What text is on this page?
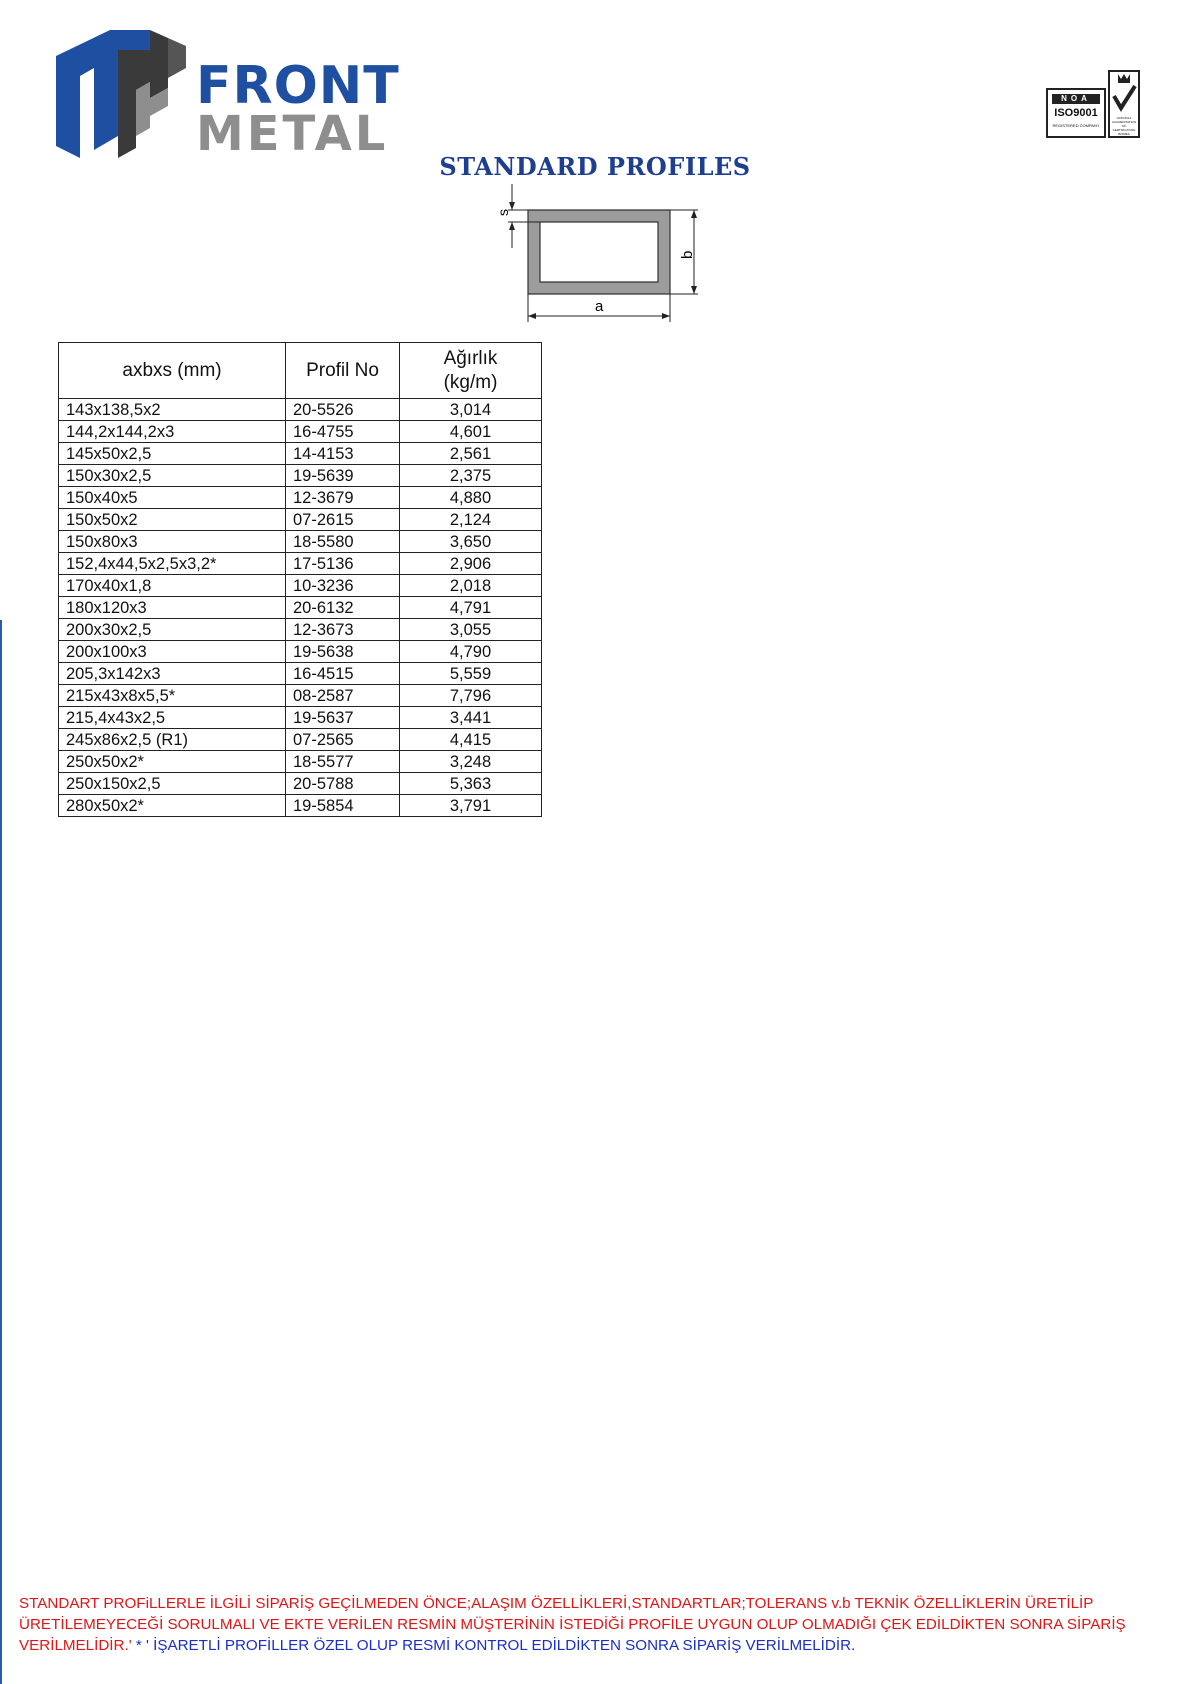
FRONT
METAL
NOA
ISO9001
REGISTERED COMPANY
NATIONAL ACCREDITATION OF CERTIFICATION BODIES
STANDARD PROFILES
s
b
a
axbxs (mm)	Profil No	Ağırlık
(kg/m)
143x138,5x2	20-5526	3,014
144,2x144,2x3	16-4755	4,601
145x50x2,5	14-4153	2,561
150x30x2,5	19-5639	2,375
150x40x5	12-3679	4,880
150x50x2	07-2615	2,124
150x80x3	18-5580	3,650
152,4x44,5x2,5x3,2*	17-5136	2,906
170x40x1,8	10-3236	2,018
180x120x3	20-6132	4,791
200x30x2,5	12-3673	3,055
200x100x3	19-5638	4,790
205,3x142x3	16-4515	5,559
215x43x8x5,5*	08-2587	7,796
215,4x43x2,5	19-5637	3,441
245x86x2,5 (R1)	07-2565	4,415
250x50x2*	18-5577	3,248
250x150x2,5	20-5788	5,363
280x50x2*	19-5854	3,791
STANDART PROFiLLERLE İLGİLİ SİPARİŞ GEÇİLMEDEN ÖNCE;ALAŞIM ÖZELLİKLERİ,STANDARTLAR;TOLERANS v.b TEKNİK ÖZELLİKLERİN ÜRETİLİP ÜRETİLEMEYECEĞİ SORULMALI VE EKTE VERİLEN RESMİN MÜŞTERİNİN İSTEDİĞİ PROFİLE UYGUN OLUP OLMADIĞI ÇEK EDİLDİKTEN SONRA SİPARİŞ VERİLMELİDİR.' * ' İŞARETLİ PROFİLLER ÖZEL OLUP RESMİ KONTROL EDİLDİKTEN SONRA SİPARİŞ VERİLMELİDİR.
